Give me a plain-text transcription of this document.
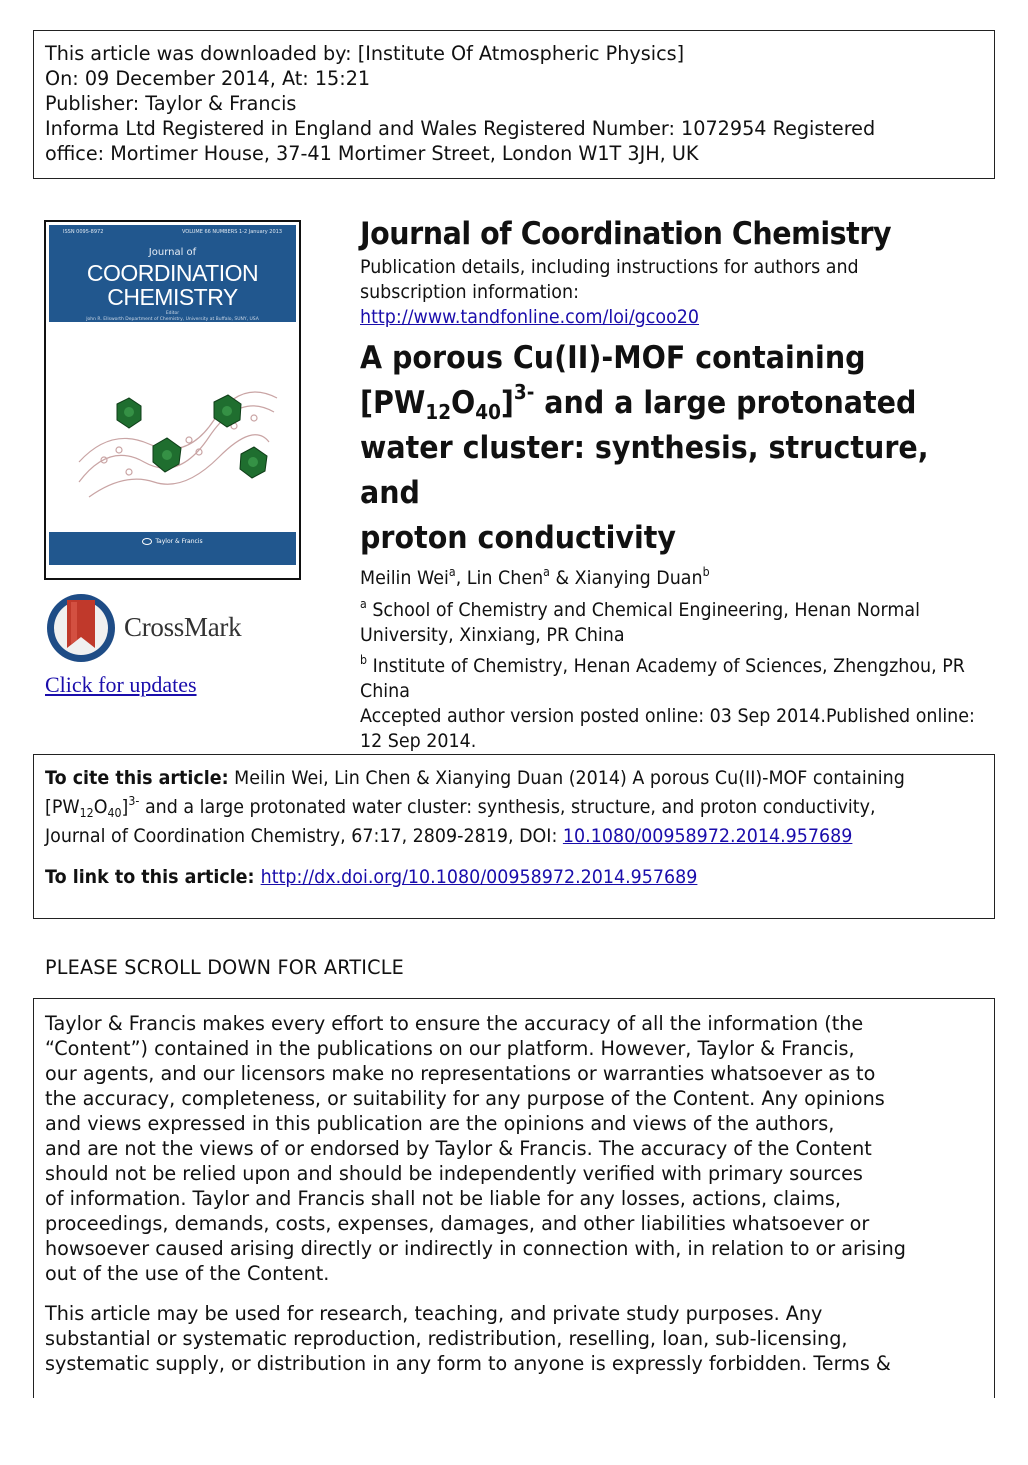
This article was downloaded by: [Institute Of Atmospheric Physics]
On: 09 December 2014, At: 15:21
Publisher: Taylor & Francis
Informa Ltd Registered in England and Wales Registered Number: 1072954 Registered
office: Mortimer House, 37-41 Mortimer Street, London W1T 3JH, UK
ISSN 0095-8972	VOLUME 66 NUMBERS 1-2 January 2013
Journal of
COORDINATION
CHEMISTRY
Editor
John R. Ellsworth Department of Chemistry, University at Buffalo, SUNY, USA
Taylor & Francis
CrossMark
Click for updates
Journal of Coordination Chemistry
Publication details, including instructions for authors and
subscription information:
http://www.tandfonline.com/loi/gcoo20
A porous Cu(II)-MOF containing
$[PW_{12}O_{40}]^{3-}$ and a large protonated
water cluster: synthesis, structure, and
proton conductivity
Meilin Wei$^a$, Lin Chen$^a$ & Xianying Duan$^b$
$^a$ School of Chemistry and Chemical Engineering, Henan Normal University, Xinxiang, PR China
$^b$ Institute of Chemistry, Henan Academy of Sciences, Zhengzhou, PR China
Accepted author version posted online: 03 Sep 2014.Published online: 12 Sep 2014.
To cite this article: Meilin Wei, Lin Chen & Xianying Duan (2014) A porous Cu(II)-MOF containing
$[PW_{12}O_{40}]^{3-}$ and a large protonated water cluster: synthesis, structure, and proton conductivity,
Journal of Coordination Chemistry, 67:17, 2809-2819, DOI: 10.1080/00958972.2014.957689
To link to this article: http://dx.doi.org/10.1080/00958972.2014.957689
PLEASE SCROLL DOWN FOR ARTICLE

Taylor & Francis makes every effort to ensure the accuracy of all the information (the
“Content”) contained in the publications on our platform. However, Taylor & Francis,
our agents, and our licensors make no representations or warranties whatsoever as to
the accuracy, completeness, or suitability for any purpose of the Content. Any opinions
and views expressed in this publication are the opinions and views of the authors,
and are not the views of or endorsed by Taylor & Francis. The accuracy of the Content
should not be relied upon and should be independently verified with primary sources
of information. Taylor and Francis shall not be liable for any losses, actions, claims,
proceedings, demands, costs, expenses, damages, and other liabilities whatsoever or
howsoever caused arising directly or indirectly in connection with, in relation to or arising
out of the use of the Content.

This article may be used for research, teaching, and private study purposes. Any
substantial or systematic reproduction, redistribution, reselling, loan, sub-licensing,
systematic supply, or distribution in any form to anyone is expressly forbidden. Terms &
